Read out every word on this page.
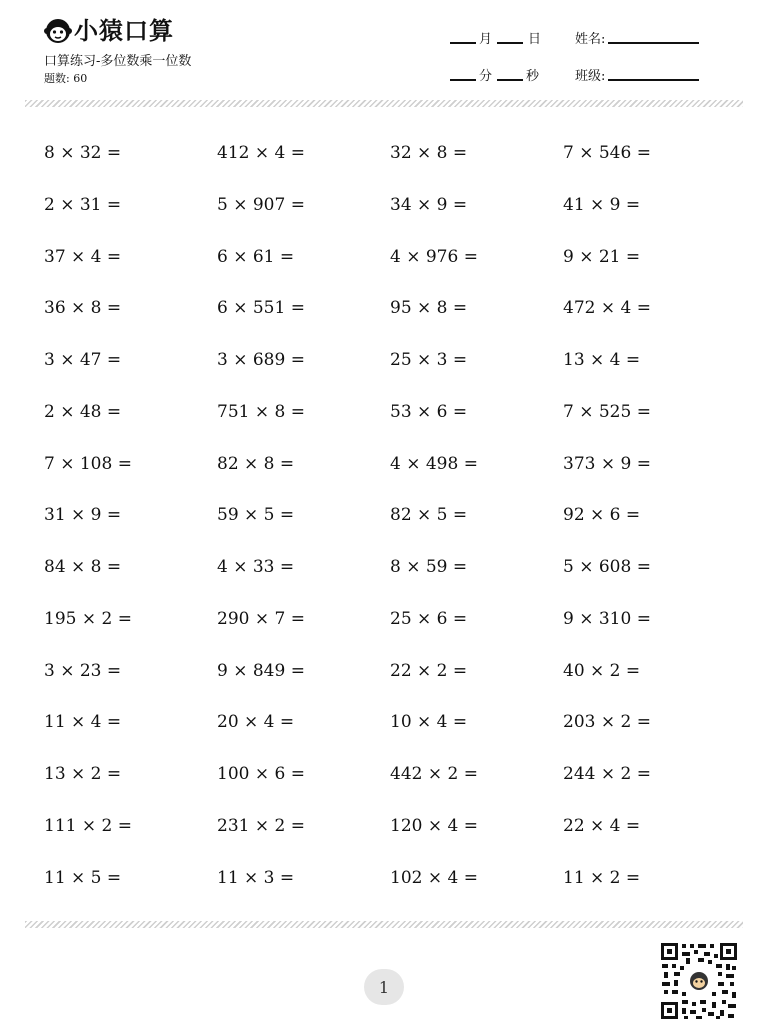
小猿口算
口算练习-多位数乘一位数
题数: 60
月	日
分	秒
姓名:
班级:
8 × 32 =	412 × 4 =	32 × 8 =	7 × 546 =
2 × 31 =	5 × 907 =	34 × 9 =	41 × 9 =
37 × 4 =	6 × 61 =	4 × 976 =	9 × 21 =
36 × 8 =	6 × 551 =	95 × 8 =	472 × 4 =
3 × 47 =	3 × 689 =	25 × 3 =	13 × 4 =
2 × 48 =	751 × 8 =	53 × 6 =	7 × 525 =
7 × 108 =	82 × 8 =	4 × 498 =	373 × 9 =
31 × 9 =	59 × 5 =	82 × 5 =	92 × 6 =
84 × 8 =	4 × 33 =	8 × 59 =	5 × 608 =
195 × 2 =	290 × 7 =	25 × 6 =	9 × 310 =
3 × 23 =	9 × 849 =	22 × 2 =	40 × 2 =
11 × 4 =	20 × 4 =	10 × 4 =	203 × 2 =
13 × 2 =	100 × 6 =	442 × 2 =	244 × 2 =
111 × 2 =	231 × 2 =	120 × 4 =	22 × 4 =
11 × 5 =	11 × 3 =	102 × 4 =	11 × 2 =
1
